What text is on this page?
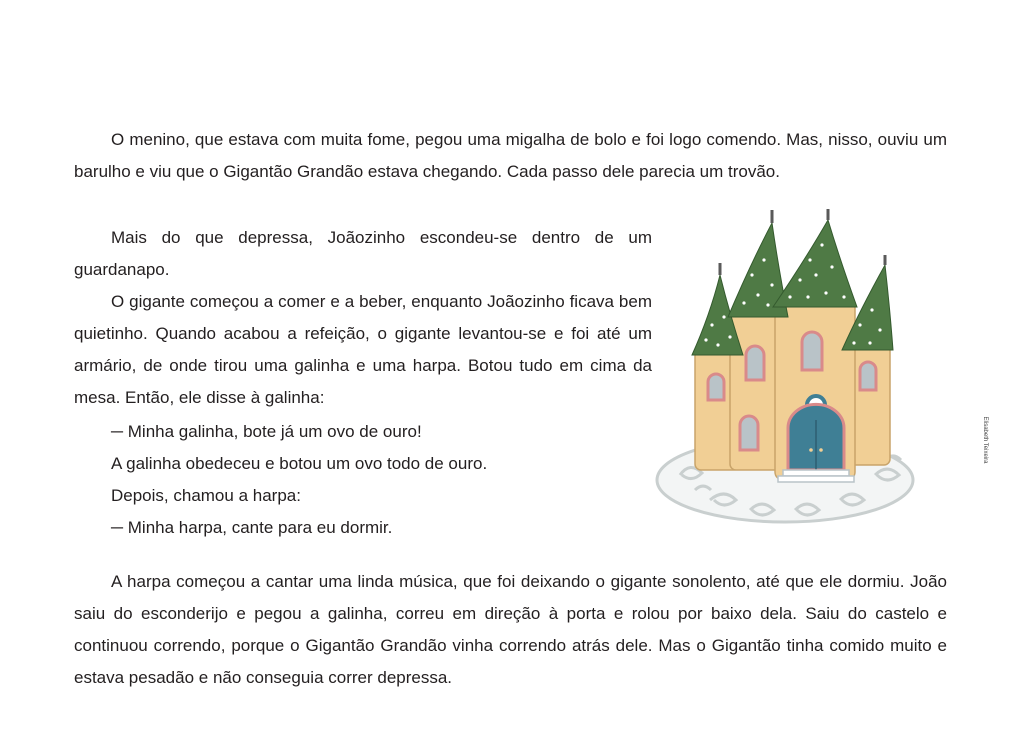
O menino, que estava com muita fome, pegou uma migalha de bolo e foi logo comendo. Mas, nisso, ouviu um barulho e viu que o Gigantão Grandão estava chegando. Cada passo dele parecia um trovão.

Mais do que depressa, Joãozinho escondeu-se dentro de um guardanapo.

O gigante começou a comer e a beber, enquanto Joãozinho ficava bem quietinho. Quando acabou a refeição, o gigante levantou-se e foi até um armário, de onde tirou uma galinha e uma harpa. Botou tudo em cima da mesa. Então, ele disse à galinha:

─ Minha galinha, bote já um ovo de ouro!

A galinha obedeceu e botou um ovo todo de ouro.

Depois, chamou a harpa:

─ Minha harpa, cante para eu dormir.

A harpa começou a cantar uma linda música, que foi deixando o gigante sonolento, até que ele dormiu. João saiu do esconderijo e pegou a galinha, correu em direção à porta e rolou por baixo dela. Saiu do castelo e continuou correndo, porque o Gigantão Grandão vinha correndo atrás dele. Mas o Gigantão tinha comido muito e estava pesadão e não conseguia correr depressa.

Elisabeth Teixeira
